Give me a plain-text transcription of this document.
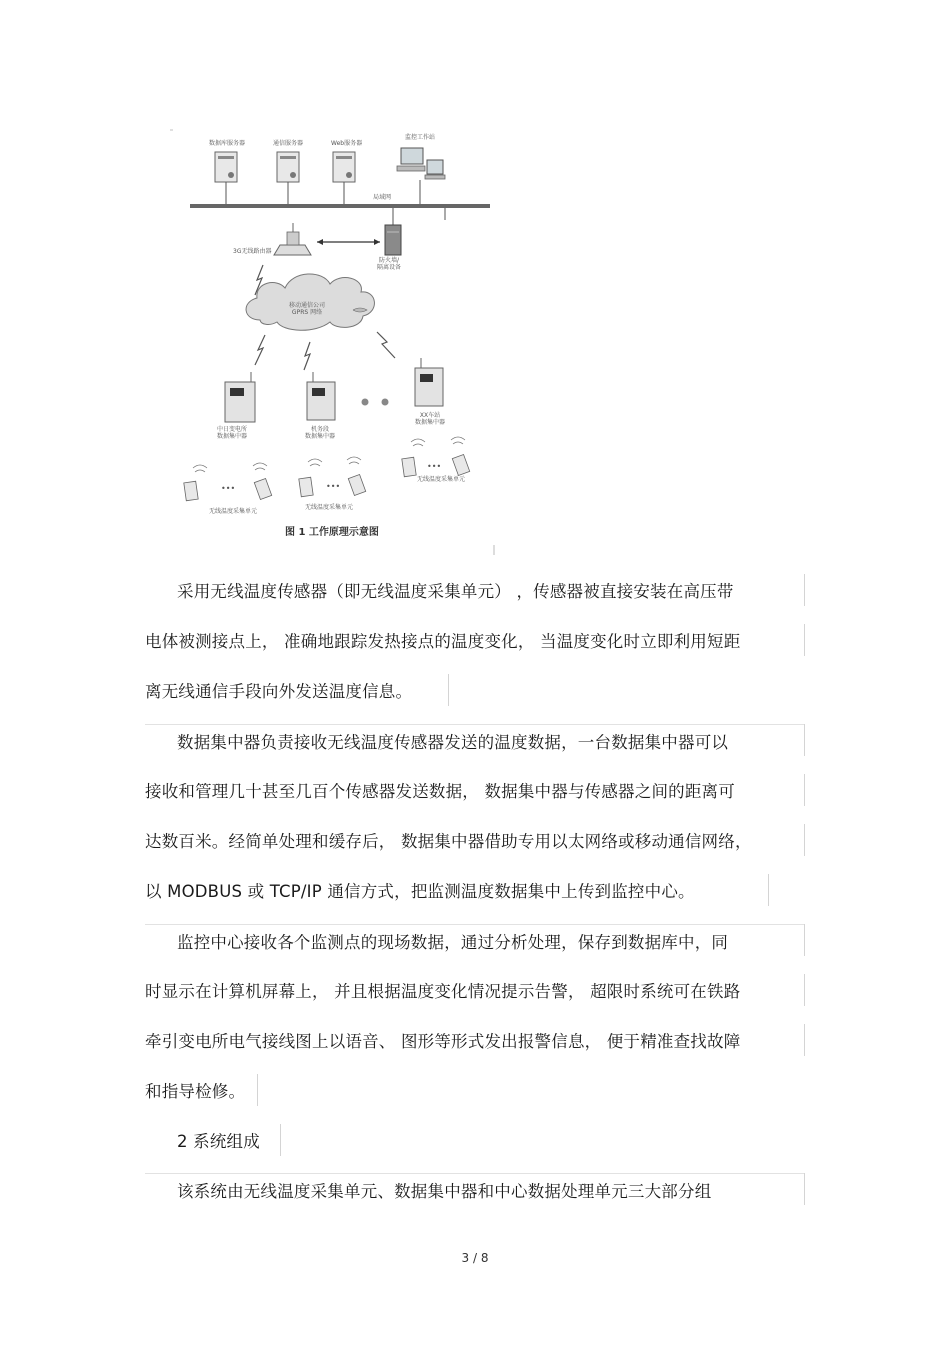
数据库服务器	通信服务器	Web服务器
监控工作站
局域网
3G无线路由器
防火墙/
隔离设备
移动通信公司
GPRS 网络
中日变电所
数据集中器
机务段
数据集中器
XX车站
数据集中器
•••	•••
•••
无线温度采集单元
无线温度采集单元
无线温度采集单元
图 1 工作原理示意图
采用无线温度传感器（即无线温度采集单元） ，传感器被直接安装在高压带
电体被测接点上， 准确地跟踪发热接点的温度变化， 当温度变化时立即利用短距
离无线通信手段向外发送温度信息。
数据集中器负责接收无线温度传感器发送的温度数据，一台数据集中器可以
接收和管理几十甚至几百个传感器发送数据， 数据集中器与传感器之间的距离可
达数百米。经简单处理和缓存后， 数据集中器借助专用以太网络或移动通信网络，
以 MODBUS 或 TCP/IP 通信方式，把监测温度数据集中上传到监控中心。
监控中心接收各个监测点的现场数据，通过分析处理，保存到数据库中，同
时显示在计算机屏幕上， 并且根据温度变化情况提示告警， 超限时系统可在铁路
牵引变电所电气接线图上以语音、 图形等形式发出报警信息， 便于精准查找故障
和指导检修。
2 系统组成
该系统由无线温度采集单元、数据集中器和中心数据处理单元三大部分组
3 / 8
